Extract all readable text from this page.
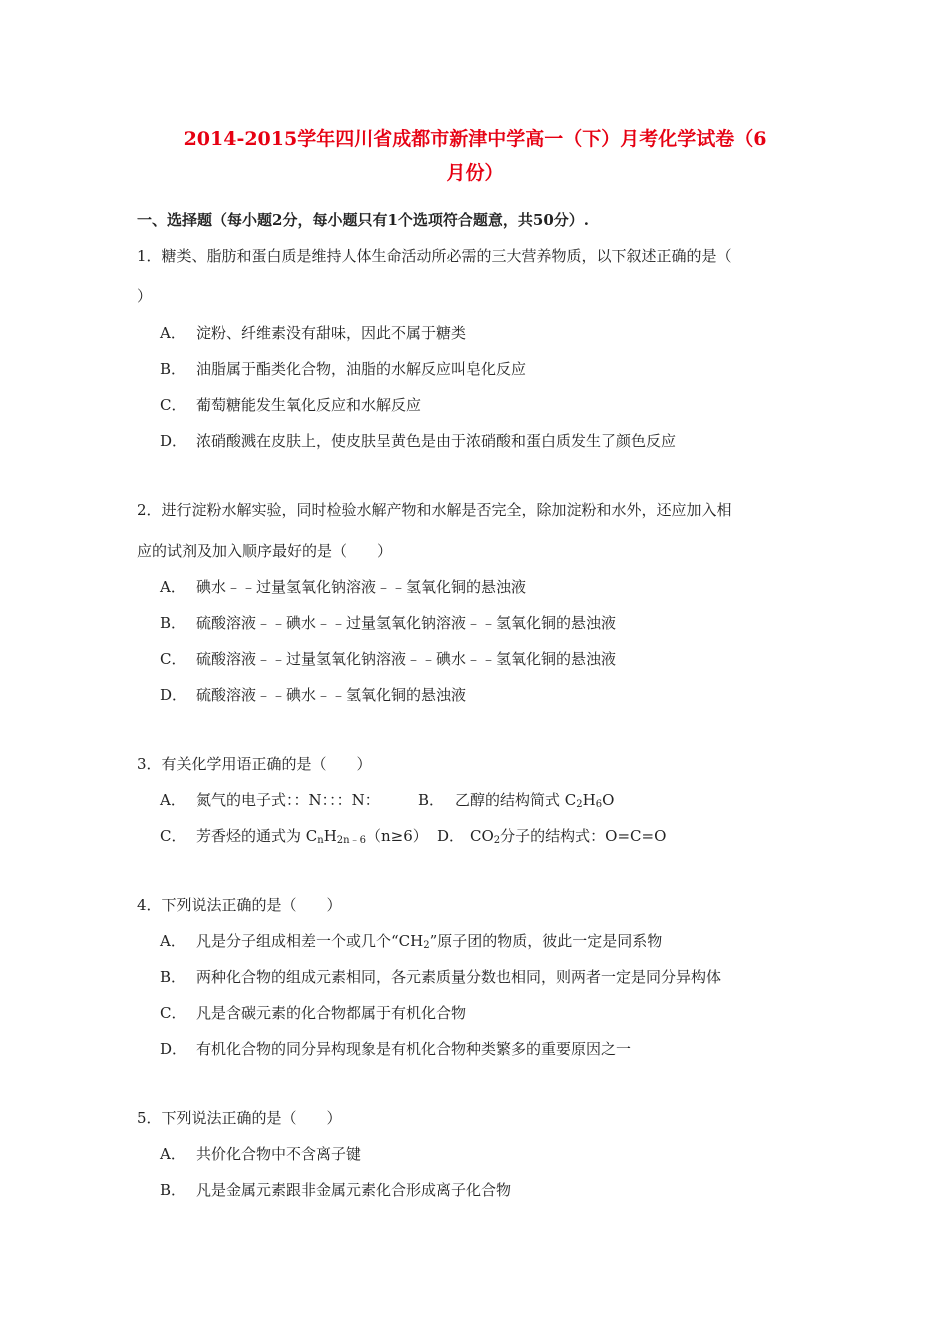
2014-2015学年四川省成都市新津中学高一（下）月考化学试卷（6
月份）
一、选择题（每小题2分，每小题只有1个选项符合题意，共50分）.
1．糖类、脂肪和蛋白质是维持人体生命活动所必需的三大营养物质，以下叙述正确的是（
）
A． 淀粉、纤维素没有甜味，因此不属于糖类
B． 油脂属于酯类化合物，油脂的水解反应叫皂化反应
C． 葡萄糖能发生氧化反应和水解反应
D． 浓硝酸溅在皮肤上，使皮肤呈黄色是由于浓硝酸和蛋白质发生了颜色反应
2．进行淀粉水解实验，同时检验水解产物和水解是否完全，除加淀粉和水外，还应加入相
应的试剂及加入顺序最好的是（　　）
A． 碘水﹣﹣过量氢氧化钠溶液﹣﹣氢氧化铜的悬浊液
B． 硫酸溶液﹣﹣碘水﹣﹣过量氢氧化钠溶液﹣﹣氢氧化铜的悬浊液
C． 硫酸溶液﹣﹣过量氢氧化钠溶液﹣﹣碘水﹣﹣氢氧化铜的悬浊液
D． 硫酸溶液﹣﹣碘水﹣﹣氢氧化铜的悬浊液
3．有关化学用语正确的是（　　）
A． 氮气的电子式：：N：：：N：	B． 乙醇的结构简式 $C_2H_6O$
C． 芳香烃的通式为 $C_nH_{2n﹣6}(n\ge 6)$ D． $CO_2$分子的结构式：O=C=O
4．下列说法正确的是（　　）
A． 凡是分子组成相差一个或几个“$CH_2$”原子团的物质，彼此一定是同系物
B． 两种化合物的组成元素相同，各元素质量分数也相同，则两者一定是同分异构体
C． 凡是含碳元素的化合物都属于有机化合物
D． 有机化合物的同分异构现象是有机化合物种类繁多的重要原因之一
5．下列说法正确的是（　　）
A． 共价化合物中不含离子键
B． 凡是金属元素跟非金属元素化合形成离子化合物
